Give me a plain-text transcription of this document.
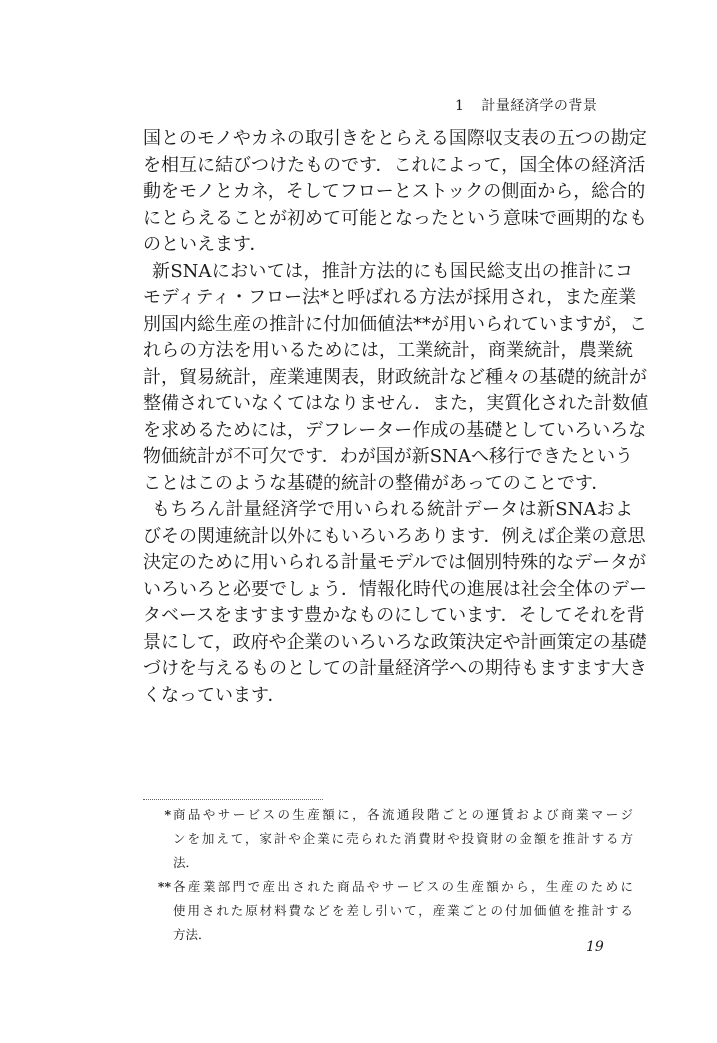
1 計量経済学の背景
国とのモノやカネの取引きをとらえる国際収支表の五つの勘定
を相互に結びつけたものです．これによって，国全体の経済活
動をモノとカネ，そしてフローとストックの側面から，総合的
にとらえることが初めて可能となったという意味で画期的なも
のといえます．
新SNAにおいては，推計方法的にも国民総支出の推計にコ
モディティ・フロー法*と呼ばれる方法が採用され，また産業
別国内総生産の推計に付加価値法**が用いられていますが，こ
れらの方法を用いるためには，工業統計，商業統計，農業統
計，貿易統計，産業連関表，財政統計など種々の基礎的統計が
整備されていなくてはなりません．また，実質化された計数値
を求めるためには，デフレーター作成の基礎としていろいろな
物価統計が不可欠です．わが国が新SNAへ移行できたという
ことはこのような基礎的統計の整備があってのことです．
もちろん計量経済学で用いられる統計データは新SNAおよ
びその関連統計以外にもいろいろあります．例えば企業の意思
決定のために用いられる計量モデルでは個別特殊的なデータが
いろいろと必要でしょう．情報化時代の進展は社会全体のデー
タベースをますます豊かなものにしています．そしてそれを背
景にして，政府や企業のいろいろな政策決定や計画策定の基礎
づけを与えるものとしての計量経済学への期待もますます大き
くなっています．
* 商品やサービスの生産額に，各流通段階ごとの運賃および商業マージ
ンを加えて，家計や企業に売られた消費財や投資財の金額を推計する方
法．
** 各産業部門で産出された商品やサービスの生産額から，生産のために
使用された原材料費などを差し引いて，産業ごとの付加価値を推計する
方法．
19
